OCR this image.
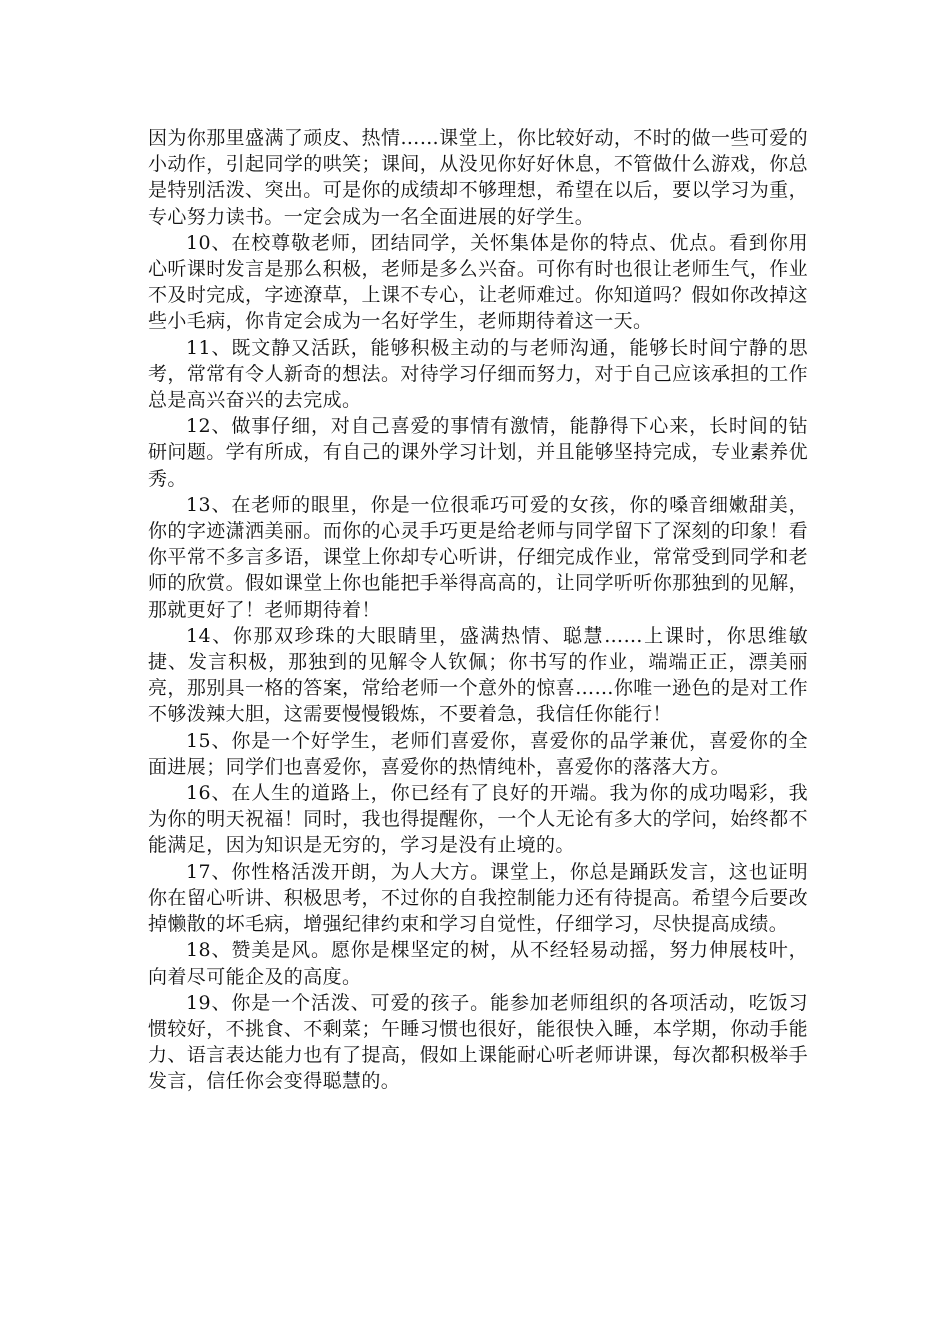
因为你那里盛满了顽皮、热情……课堂上，你比较好动，不时的做一些可爱的小动作，引起同学的哄笑；课间，从没见你好好休息，不管做什么游戏，你总是特别活泼、突出。可是你的成绩却不够理想，希望在以后，要以学习为重，专心努力读书。一定会成为一名全面进展的好学生。

10、在校尊敬老师，团结同学，关怀集体是你的特点、优点。看到你用心听课时发言是那么积极，老师是多么兴奋。可你有时也很让老师生气，作业不及时完成，字迹潦草，上课不专心，让老师难过。你知道吗？假如你改掉这些小毛病，你肯定会成为一名好学生，老师期待着这一天。

11、既文静又活跃，能够积极主动的与老师沟通，能够长时间宁静的思考，常常有令人新奇的想法。对待学习仔细而努力，对于自己应该承担的工作总是高兴奋兴的去完成。

12、做事仔细，对自己喜爱的事情有激情，能静得下心来，长时间的钻研问题。学有所成，有自己的课外学习计划，并且能够坚持完成，专业素养优秀。

13、在老师的眼里，你是一位很乖巧可爱的女孩，你的嗓音细嫩甜美，你的字迹潇洒美丽。而你的心灵手巧更是给老师与同学留下了深刻的印象！看你平常不多言多语，课堂上你却专心听讲，仔细完成作业，常常受到同学和老师的欣赏。假如课堂上你也能把手举得高高的，让同学听听你那独到的见解，那就更好了！老师期待着！

14、你那双珍珠的大眼睛里，盛满热情、聪慧……上课时，你思维敏捷、发言积极，那独到的见解令人钦佩；你书写的作业，端端正正，漂美丽亮，那别具一格的答案，常给老师一个意外的惊喜……你唯一逊色的是对工作不够泼辣大胆，这需要慢慢锻炼，不要着急，我信任你能行！

15、你是一个好学生，老师们喜爱你，喜爱你的品学兼优，喜爱你的全面进展；同学们也喜爱你，喜爱你的热情纯朴，喜爱你的落落大方。

16、在人生的道路上，你已经有了良好的开端。我为你的成功喝彩，我为你的明天祝福！同时，我也得提醒你，一个人无论有多大的学问，始终都不能满足，因为知识是无穷的，学习是没有止境的。

17、你性格活泼开朗，为人大方。课堂上，你总是踊跃发言，这也证明你在留心听讲、积极思考，不过你的自我控制能力还有待提高。希望今后要改掉懒散的坏毛病，增强纪律约束和学习自觉性，仔细学习，尽快提高成绩。

18、赞美是风。愿你是棵坚定的树，从不经轻易动摇，努力伸展枝叶，向着尽可能企及的高度。

19、你是一个活泼、可爱的孩子。能参加老师组织的各项活动，吃饭习惯较好，不挑食、不剩菜；午睡习惯也很好，能很快入睡，本学期，你动手能力、语言表达能力也有了提高，假如上课能耐心听老师讲课，每次都积极举手发言，信任你会变得聪慧的。
